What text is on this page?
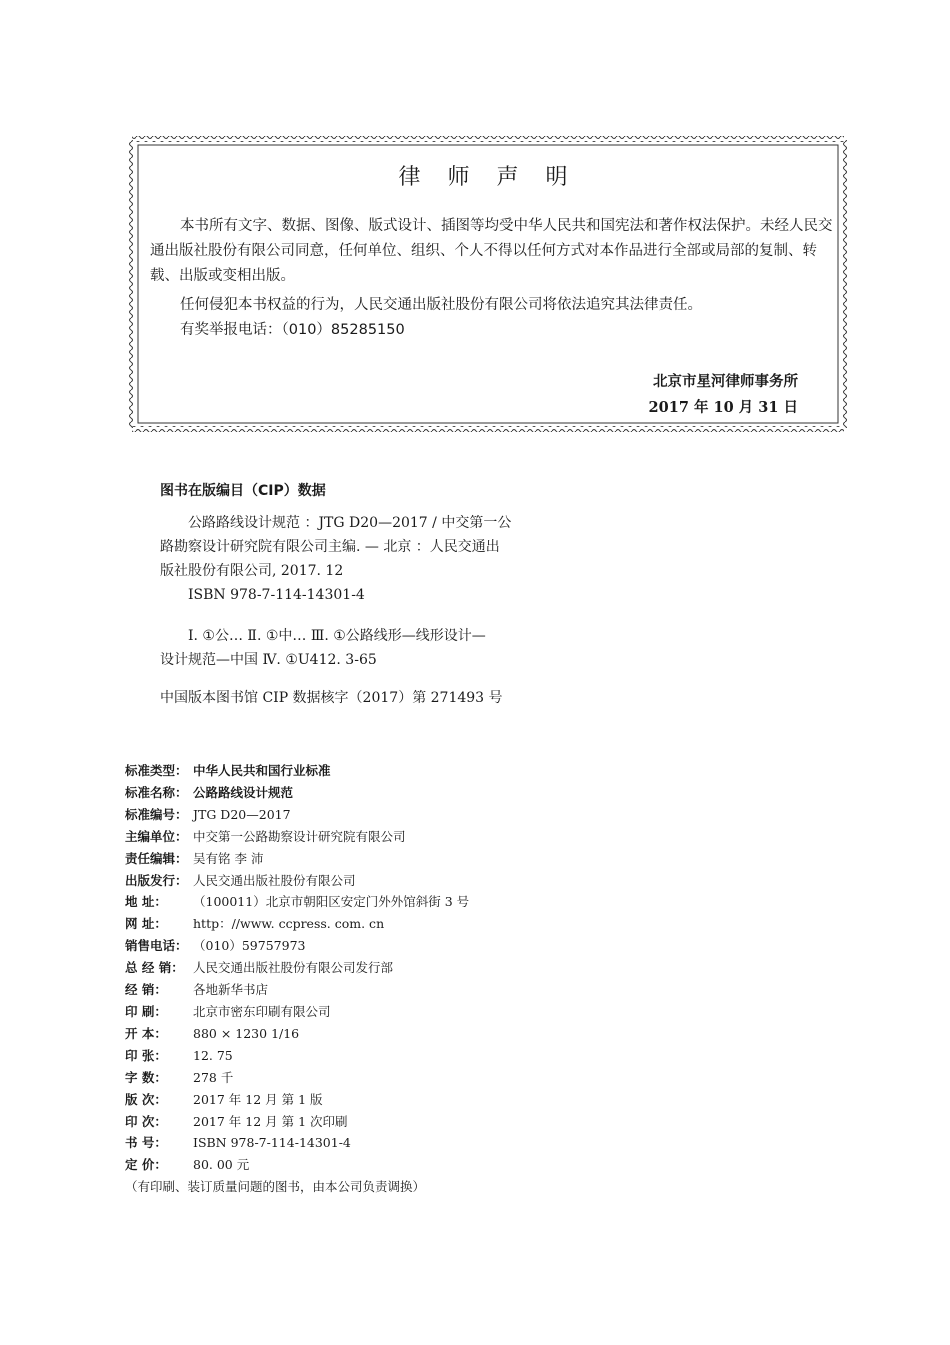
律 师 声 明

本书所有文字、数据、图像、版式设计、插图等均受中华人民共和国宪法和著作权法保护。未经人民交通出版社股份有限公司同意，任何单位、组织、个人不得以任何方式对本作品进行全部或局部的复制、转载、出版或变相出版。

任何侵犯本书权益的行为，人民交通出版社股份有限公司将依法追究其法律责任。

有奖举报电话：（010）85285150

北京市星河律师事务所
2017 年 10 月 31 日
图书在版编目（CIP）数据
公路路线设计规范 ：JTG D20—2017 / 中交第一公
路勘察设计研究院有限公司主编. — 北京 ：人民交通出
版社股份有限公司, 2017. 12
ISBN 978-7-114-14301-4
Ⅰ. ①公… Ⅱ. ①中… Ⅲ. ①公路线形—线形设计—
设计规范—中国 Ⅳ. ①U412. 3-65
中国版本图书馆 CIP 数据核字（2017）第 271493 号
标准类型： 中华人民共和国行业标准
标准名称： 公路路线设计规范
标准编号： JTG D20—2017
主编单位： 中交第一公路勘察设计研究院有限公司
责任编辑： 吴有铭 李 沛
出版发行： 人民交通出版社股份有限公司
地 址：	（100011）北京市朝阳区安定门外外馆斜街 3 号
网 址：	http：//www. ccpress. com. cn
销售电话： （010）59757973
总 经 销： 人民交通出版社股份有限公司发行部
经 销：	各地新华书店
印 刷：	北京市密东印刷有限公司
开 本：	880 × 1230 1/16
印 张：	12. 75
字 数：	278 千
版 次：	2017 年 12 月 第 1 版
印 次：	2017 年 12 月 第 1 次印刷
书 号：	ISBN 978-7-114-14301-4
定 价：	80. 00 元
（有印刷、装订质量问题的图书，由本公司负责调换）
